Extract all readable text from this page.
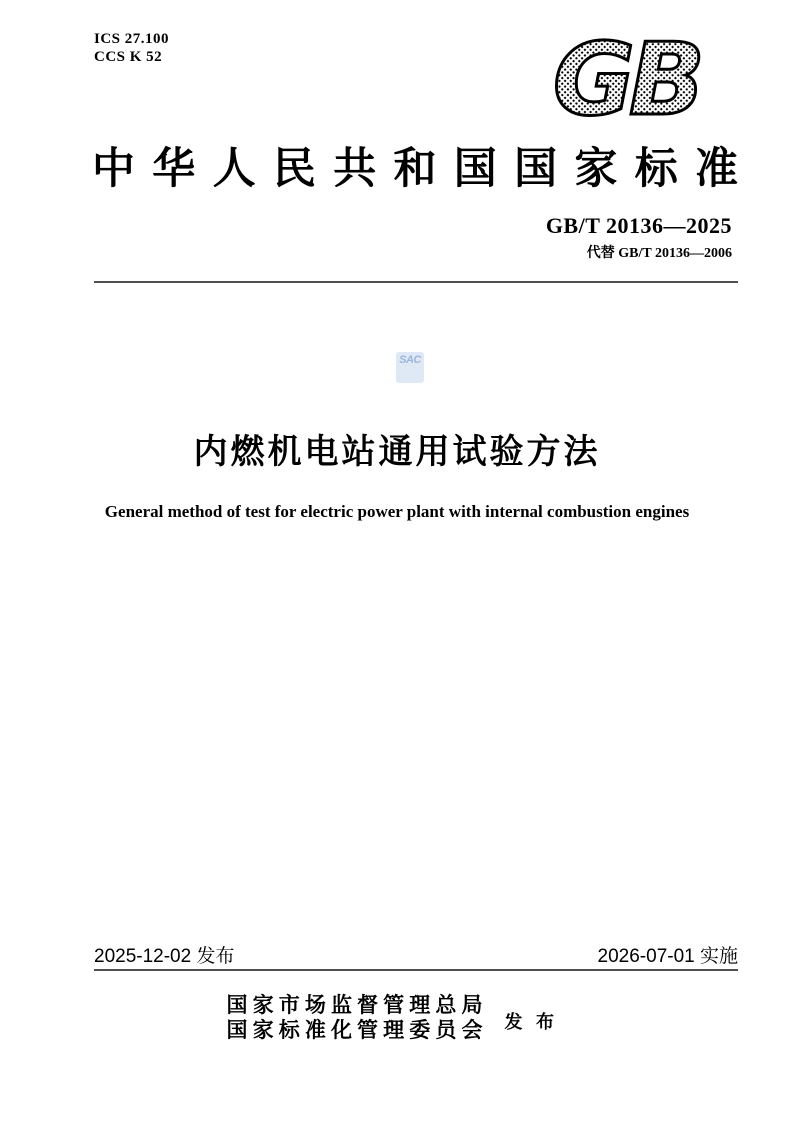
ICS 27.100
CCS K 52	GB
中华人民共和国国家标准
GB/T 20136—2025
代替 GB/T 20136—2006
SAC
内燃机电站通用试验方法
General method of test for electric power plant with internal combustion engines
2025-12-02 发布	2026-07-01 实施
国家市场监督管理总局
国家标准化管理委员会 发布
